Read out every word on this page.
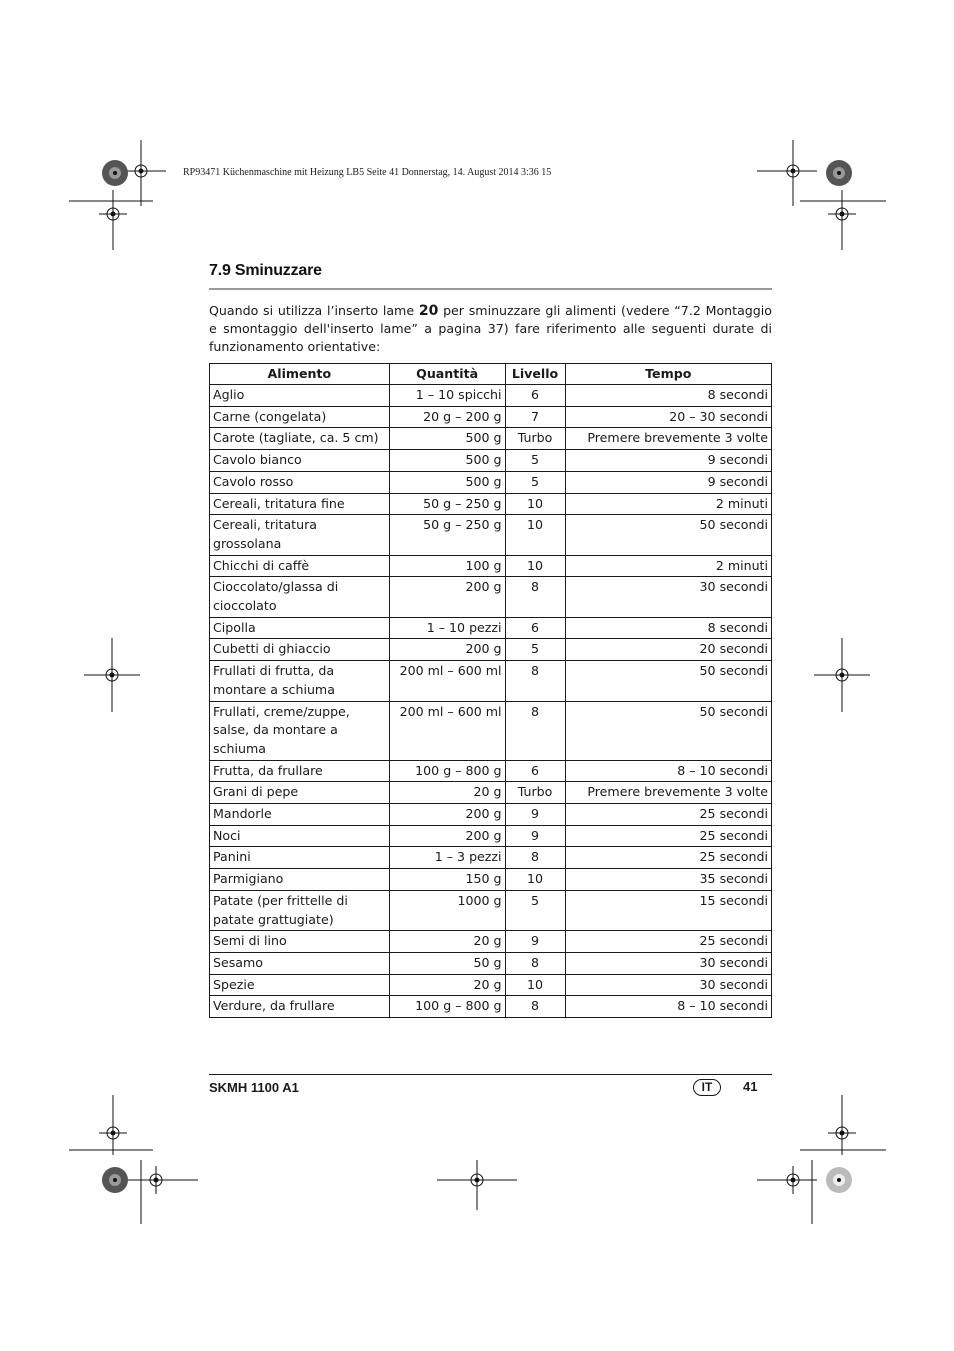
RP93471 Küchenmaschine mit Heizung LB5 Seite 41 Donnerstag, 14. August 2014 3:36 15
7.9 Sminuzzare

Quando si utilizza l’inserto lame 20 per sminuzzare gli alimenti (vedere “7.2 Montaggio e smontaggio dell'inserto lame” a pagina 37) fare riferimento alle seguenti durate di funzionamento orientative:

Alimento	Quantità	Livello	Tempo
Aglio	1 – 10 spicchi	6	8 secondi
Carne (congelata)	20 g – 200 g	7	20 – 30 secondi
Carote (tagliate, ca. 5 cm)	500 g	Turbo	Premere brevemente 3 volte
Cavolo bianco	500 g	5	9 secondi
Cavolo rosso	500 g	5	9 secondi
Cereali, tritatura fine	50 g – 250 g	10	2 minuti
Cereali, tritatura grossolana	50 g – 250 g	10	50 secondi
Chicchi di caffè	100 g	10	2 minuti
Cioccolato/glassa di cioccolato	200 g	8	30 secondi
Cipolla	1 – 10 pezzi	6	8 secondi
Cubetti di ghiaccio	200 g	5	20 secondi
Frullati di frutta, da montare a schiuma	200 ml – 600 ml	8	50 secondi
Frullati, creme/zuppe, salse, da montare a schiuma	200 ml – 600 ml	8	50 secondi
Frutta, da frullare	100 g – 800 g	6	8 – 10 secondi
Grani di pepe	20 g	Turbo	Premere brevemente 3 volte
Mandorle	200 g	9	25 secondi
Noci	200 g	9	25 secondi
Panini	1 – 3 pezzi	8	25 secondi
Parmigiano	150 g	10	35 secondi
Patate (per frittelle di patate grattugiate)	1000 g	5	15 secondi
Semi di lino	20 g	9	25 secondi
Sesamo	50 g	8	30 secondi
Spezie	20 g	10	30 secondi
Verdure, da frullare	100 g – 800 g	8	8 – 10 secondi
SKMH 1100 A1	IT	41
